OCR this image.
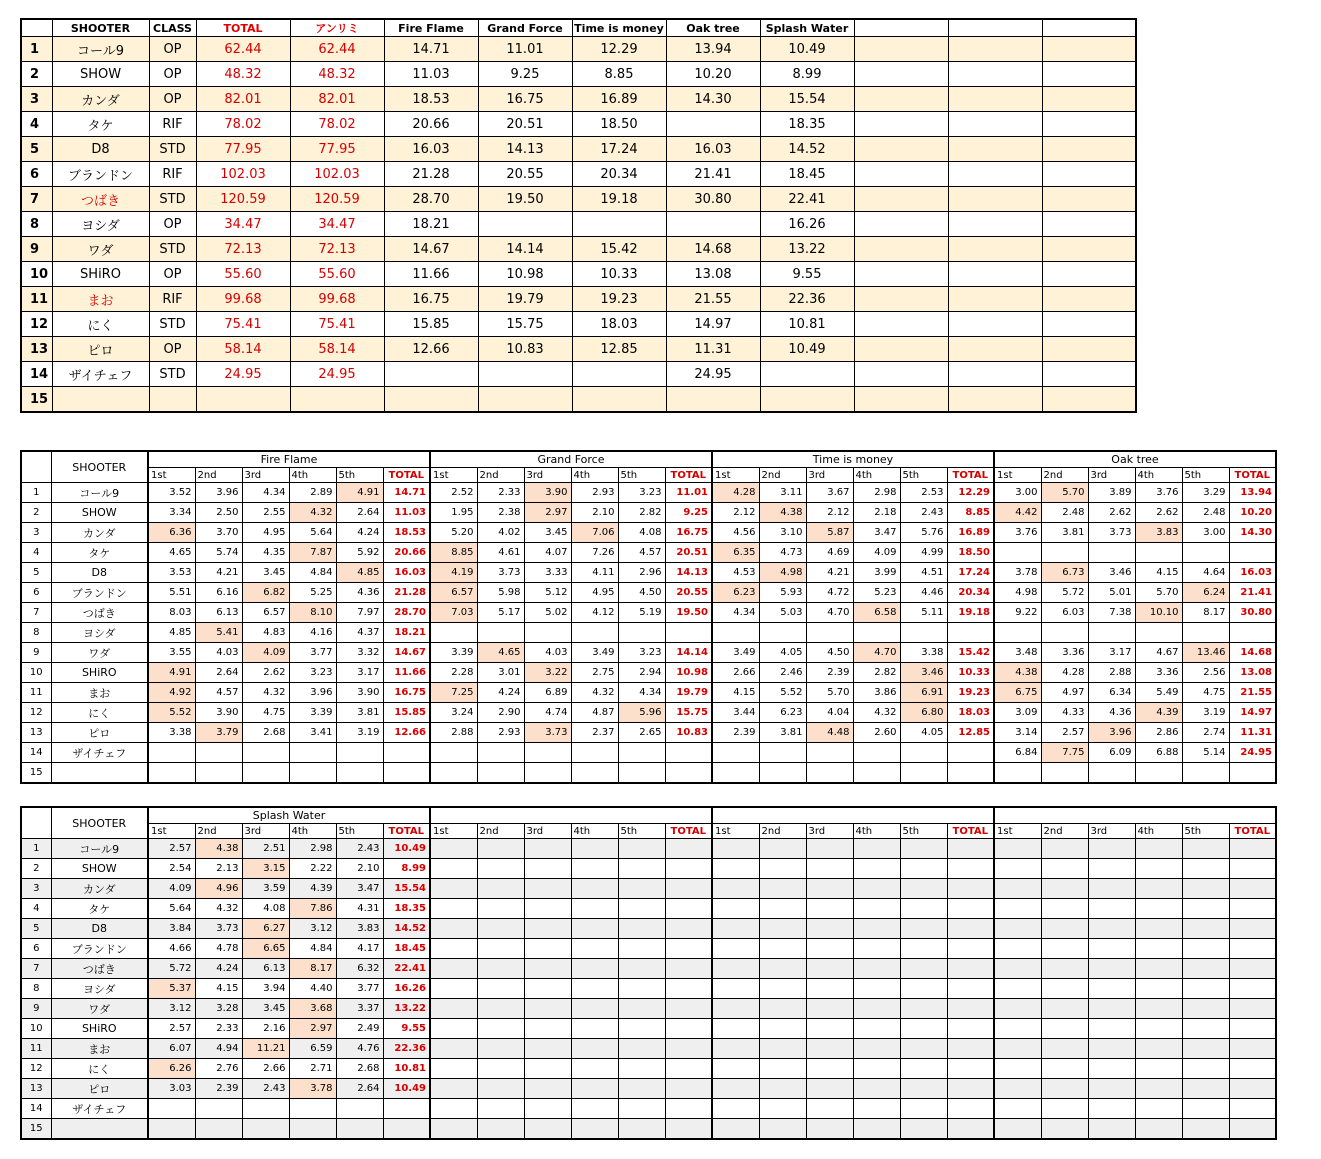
	SHOOTER	CLASS	TOTAL	アンリミ	Fire Flame	Grand Force	Time is money	Oak tree	Splash Water			
1	コール9	OP	62.44	62.44	14.71	11.01	12.29	13.94	10.49			
2	SHOW	OP	48.32	48.32	11.03	9.25	8.85	10.20	8.99			
3	カンダ	OP	82.01	82.01	18.53	16.75	16.89	14.30	15.54			
4	タケ	RIF	78.02	78.02	20.66	20.51	18.50		18.35			
5	D8	STD	77.95	77.95	16.03	14.13	17.24	16.03	14.52			
6	ブランドン	RIF	102.03	102.03	21.28	20.55	20.34	21.41	18.45			
7	つばき	STD	120.59	120.59	28.70	19.50	19.18	30.80	22.41			
8	ヨシダ	OP	34.47	34.47	18.21				16.26			
9	ワダ	STD	72.13	72.13	14.67	14.14	15.42	14.68	13.22			
10	SHiRO	OP	55.60	55.60	11.66	10.98	10.33	13.08	9.55			
11	まお	RIF	99.68	99.68	16.75	19.79	19.23	21.55	22.36			
12	にく	STD	75.41	75.41	15.85	15.75	18.03	14.97	10.81			
13	ピロ	OP	58.14	58.14	12.66	10.83	12.85	11.31	10.49			
14	ザイチェフ	STD	24.95	24.95				24.95				
15												
	SHOOTER	Fire Flame						Grand Force						Time is money						Oak tree					
		1st	2nd	3rd	4th	5th	TOTAL	1st	2nd	3rd	4th	5th	TOTAL	1st	2nd	3rd	4th	5th	TOTAL	1st	2nd	3rd	4th	5th	TOTAL
1	コール9	3.52	3.96	4.34	2.89	4.91	14.71	2.52	2.33	3.90	2.93	3.23	11.01	4.28	3.11	3.67	2.98	2.53	12.29	3.00	5.70	3.89	3.76	3.29	13.94
2	SHOW	3.34	2.50	2.55	4.32	2.64	11.03	1.95	2.38	2.97	2.10	2.82	9.25	2.12	4.38	2.12	2.18	2.43	8.85	4.42	2.48	2.62	2.62	2.48	10.20
3	カンダ	6.36	3.70	4.95	5.64	4.24	18.53	5.20	4.02	3.45	7.06	4.08	16.75	4.56	3.10	5.87	3.47	5.76	16.89	3.76	3.81	3.73	3.83	3.00	14.30
4	タケ	4.65	5.74	4.35	7.87	5.92	20.66	8.85	4.61	4.07	7.26	4.57	20.51	6.35	4.73	4.69	4.09	4.99	18.50						
5	D8	3.53	4.21	3.45	4.84	4.85	16.03	4.19	3.73	3.33	4.11	2.96	14.13	4.53	4.98	4.21	3.99	4.51	17.24	3.78	6.73	3.46	4.15	4.64	16.03
6	ブランドン	5.51	6.16	6.82	5.25	4.36	21.28	6.57	5.98	5.12	4.95	4.50	20.55	6.23	5.93	4.72	5.23	4.46	20.34	4.98	5.72	5.01	5.70	6.24	21.41
7	つばき	8.03	6.13	6.57	8.10	7.97	28.70	7.03	5.17	5.02	4.12	5.19	19.50	4.34	5.03	4.70	6.58	5.11	19.18	9.22	6.03	7.38	10.10	8.17	30.80
8	ヨシダ	4.85	5.41	4.83	4.16	4.37	18.21																		
9	ワダ	3.55	4.03	4.09	3.77	3.32	14.67	3.39	4.65	4.03	3.49	3.23	14.14	3.49	4.05	4.50	4.70	3.38	15.42	3.48	3.36	3.17	4.67	13.46	14.68
10	SHiRO	4.91	2.64	2.62	3.23	3.17	11.66	2.28	3.01	3.22	2.75	2.94	10.98	2.66	2.46	2.39	2.82	3.46	10.33	4.38	4.28	2.88	3.36	2.56	13.08
11	まお	4.92	4.57	4.32	3.96	3.90	16.75	7.25	4.24	6.89	4.32	4.34	19.79	4.15	5.52	5.70	3.86	6.91	19.23	6.75	4.97	6.34	5.49	4.75	21.55
12	にく	5.52	3.90	4.75	3.39	3.81	15.85	3.24	2.90	4.74	4.87	5.96	15.75	3.44	6.23	4.04	4.32	6.80	18.03	3.09	4.33	4.36	4.39	3.19	14.97
13	ピロ	3.38	3.79	2.68	3.41	3.19	12.66	2.88	2.93	3.73	2.37	2.65	10.83	2.39	3.81	4.48	2.60	4.05	12.85	3.14	2.57	3.96	2.86	2.74	11.31
14	ザイチェフ																			6.84	7.75	6.09	6.88	5.14	24.95
15																									
	SHOOTER	Splash Water																							
		1st	2nd	3rd	4th	5th	TOTAL	1st	2nd	3rd	4th	5th	TOTAL	1st	2nd	3rd	4th	5th	TOTAL	1st	2nd	3rd	4th	5th	TOTAL
1	コール9	2.57	4.38	2.51	2.98	2.43	10.49																		
2	SHOW	2.54	2.13	3.15	2.22	2.10	8.99																		
3	カンダ	4.09	4.96	3.59	4.39	3.47	15.54																		
4	タケ	5.64	4.32	4.08	7.86	4.31	18.35																		
5	D8	3.84	3.73	6.27	3.12	3.83	14.52																		
6	ブランドン	4.66	4.78	6.65	4.84	4.17	18.45																		
7	つばき	5.72	4.24	6.13	8.17	6.32	22.41																		
8	ヨシダ	5.37	4.15	3.94	4.40	3.77	16.26																		
9	ワダ	3.12	3.28	3.45	3.68	3.37	13.22																		
10	SHiRO	2.57	2.33	2.16	2.97	2.49	9.55																		
11	まお	6.07	4.94	11.21	6.59	4.76	22.36																		
12	にく	6.26	2.76	2.66	2.71	2.68	10.81																		
13	ピロ	3.03	2.39	2.43	3.78	2.64	10.49																		
14	ザイチェフ																								
15																									
